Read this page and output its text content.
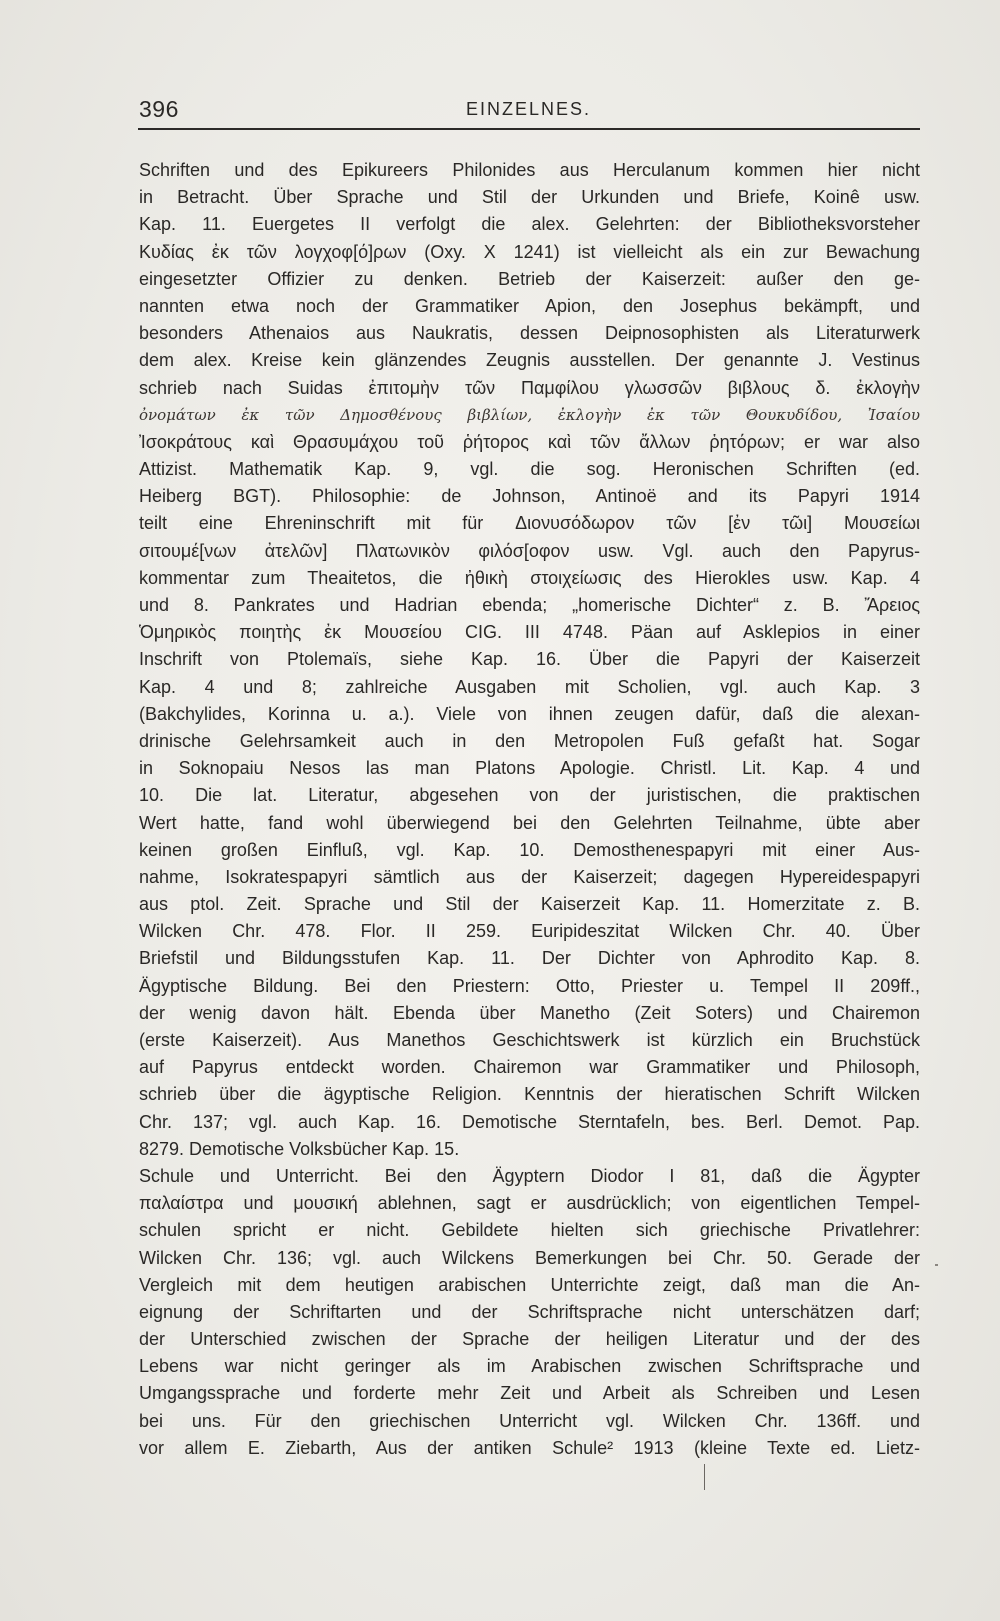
396	EINZELNES.
Schriften und des Epikureers Philonides aus Herculanum kommen hier nicht
in Betracht. Über Sprache und Stil der Urkunden und Briefe, Koinê usw.
Kap. 11. Euergetes II verfolgt die alex. Gelehrten: der Bibliotheksvorsteher
Κυδίας ἐκ τῶν λογχοφ[ό]ρων (Oxy. X 1241) ist vielleicht als ein zur Bewachung
eingesetzter Offizier zu denken. Betrieb der Kaiserzeit: außer den ge-
nannten etwa noch der Grammatiker Apion, den Josephus bekämpft, und
besonders Athenaios aus Naukratis, dessen Deipnosophisten als Literaturwerk
dem alex. Kreise kein glänzendes Zeugnis ausstellen. Der genannte J. Vestinus
schrieb nach Suidas ἐπιτομὴν τῶν Παμφίλου γλωσσῶν βιβλους δ. ἐκλογὴν
ὀνομάτων ἐκ τῶν Δημοσθένους βιβλίων, ἐκλογὴν ἐκ τῶν Θουκυδίδου, Ἰσαίου
Ἰσοκράτους καὶ Θρασυμάχου τοῦ ῥήτορος καὶ τῶν ἄλλων ῥητόρων; er war also
Attizist. Mathematik Kap. 9, vgl. die sog. Heronischen Schriften (ed.
Heiberg BGT). Philosophie: de Johnson, Antinoë and its Papyri 1914
teilt eine Ehreninschrift mit für Διονυσόδωρον τῶν [ἐν τῶι] Μουσείωι
σιτουμέ[νων ἀτελῶν] Πλατωνικὸν φιλόσ[οφον usw. Vgl. auch den Papyrus-
kommentar zum Theaitetos, die ἠθικὴ στοιχείωσις des Hierokles usw. Kap. 4
und 8. Pankrates und Hadrian ebenda; „homerische Dichter“ z. B. Ἄρειος
Ὁμηρικὸς ποιητὴς ἐκ Μουσείου CIG. III 4748. Päan auf Asklepios in einer
Inschrift von Ptolemaïs, siehe Kap. 16. Über die Papyri der Kaiserzeit
Kap. 4 und 8; zahlreiche Ausgaben mit Scholien, vgl. auch Kap. 3
(Bakchylides, Korinna u. a.). Viele von ihnen zeugen dafür, daß die alexan-
drinische Gelehrsamkeit auch in den Metropolen Fuß gefaßt hat. Sogar
in Soknopaiu Nesos las man Platons Apologie. Christl. Lit. Kap. 4 und
10. Die lat. Literatur, abgesehen von der juristischen, die praktischen
Wert hatte, fand wohl überwiegend bei den Gelehrten Teilnahme, übte aber
keinen großen Einfluß, vgl. Kap. 10. Demosthenespapyri mit einer Aus-
nahme, Isokratespapyri sämtlich aus der Kaiserzeit; dagegen Hypereidespapyri
aus ptol. Zeit. Sprache und Stil der Kaiserzeit Kap. 11. Homerzitate z. B.
Wilcken Chr. 478. Flor. II 259. Euripideszitat Wilcken Chr. 40. Über
Briefstil und Bildungsstufen Kap. 11. Der Dichter von Aphrodito Kap. 8.
Ägyptische Bildung. Bei den Priestern: Otto, Priester u. Tempel II 209ff.,
der wenig davon hält. Ebenda über Manetho (Zeit Soters) und Chairemon
(erste Kaiserzeit). Aus Manethos Geschichtswerk ist kürzlich ein Bruchstück
auf Papyrus entdeckt worden. Chairemon war Grammatiker und Philosoph,
schrieb über die ägyptische Religion. Kenntnis der hieratischen Schrift Wilcken
Chr. 137; vgl. auch Kap. 16. Demotische Sterntafeln, bes. Berl. Demot. Pap.
8279. Demotische Volksbücher Kap. 15.
Schule und Unterricht. Bei den Ägyptern Diodor I 81, daß die Ägypter
παλαίστρα und μουσική ablehnen, sagt er ausdrücklich; von eigentlichen Tempel-
schulen spricht er nicht. Gebildete hielten sich griechische Privatlehrer:
Wilcken Chr. 136; vgl. auch Wilckens Bemerkungen bei Chr. 50. Gerade der
Vergleich mit dem heutigen arabischen Unterrichte zeigt, daß man die An-
eignung der Schriftarten und der Schriftsprache nicht unterschätzen darf;
der Unterschied zwischen der Sprache der heiligen Literatur und der des
Lebens war nicht geringer als im Arabischen zwischen Schriftsprache und
Umgangssprache und forderte mehr Zeit und Arbeit als Schreiben und Lesen
bei uns. Für den griechischen Unterricht vgl. Wilcken Chr. 136ff. und
vor allem E. Ziebarth, Aus der antiken Schule² 1913 (kleine Texte ed. Lietz-
